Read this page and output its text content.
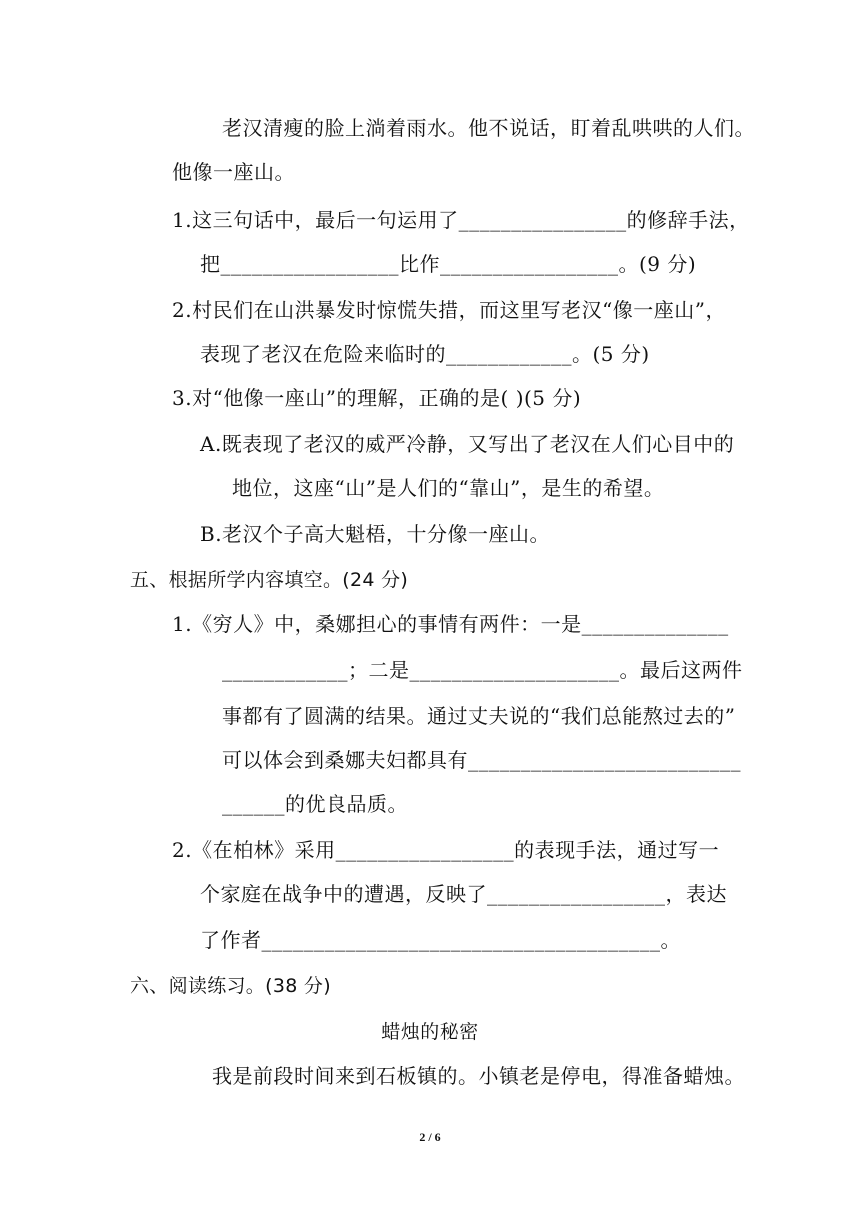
老汉清瘦的脸上淌着雨水。他不说话，盯着乱哄哄的人们。
他像一座山。
1.这三句话中，最后一句运用了________________的修辞手法，
把_________________比作_________________。(9 分)
2.村民们在山洪暴发时惊慌失措，而这里写老汉“像一座山”，
表现了老汉在危险来临时的____________。(5 分)
3.对“他像一座山”的理解，正确的是( )(5 分)
A.既表现了老汉的威严冷静，又写出了老汉在人们心目中的
地位，这座“山”是人们的“靠山”，是生的希望。
B.老汉个子高大魁梧，十分像一座山。
五、根据所学内容填空。(24 分)
1.《穷人》中，桑娜担心的事情有两件：一是______________
____________；二是____________________。最后这两件
事都有了圆满的结果。通过丈夫说的“我们总能熬过去的”
可以体会到桑娜夫妇都具有__________________________
______的优良品质。
2.《在柏林》采用_________________的表现手法，通过写一
个家庭在战争中的遭遇，反映了_________________，表达
了作者______________________________________。
六、阅读练习。(38 分)
蜡烛的秘密
我是前段时间来到石板镇的。小镇老是停电，得准备蜡烛。
2 / 6
